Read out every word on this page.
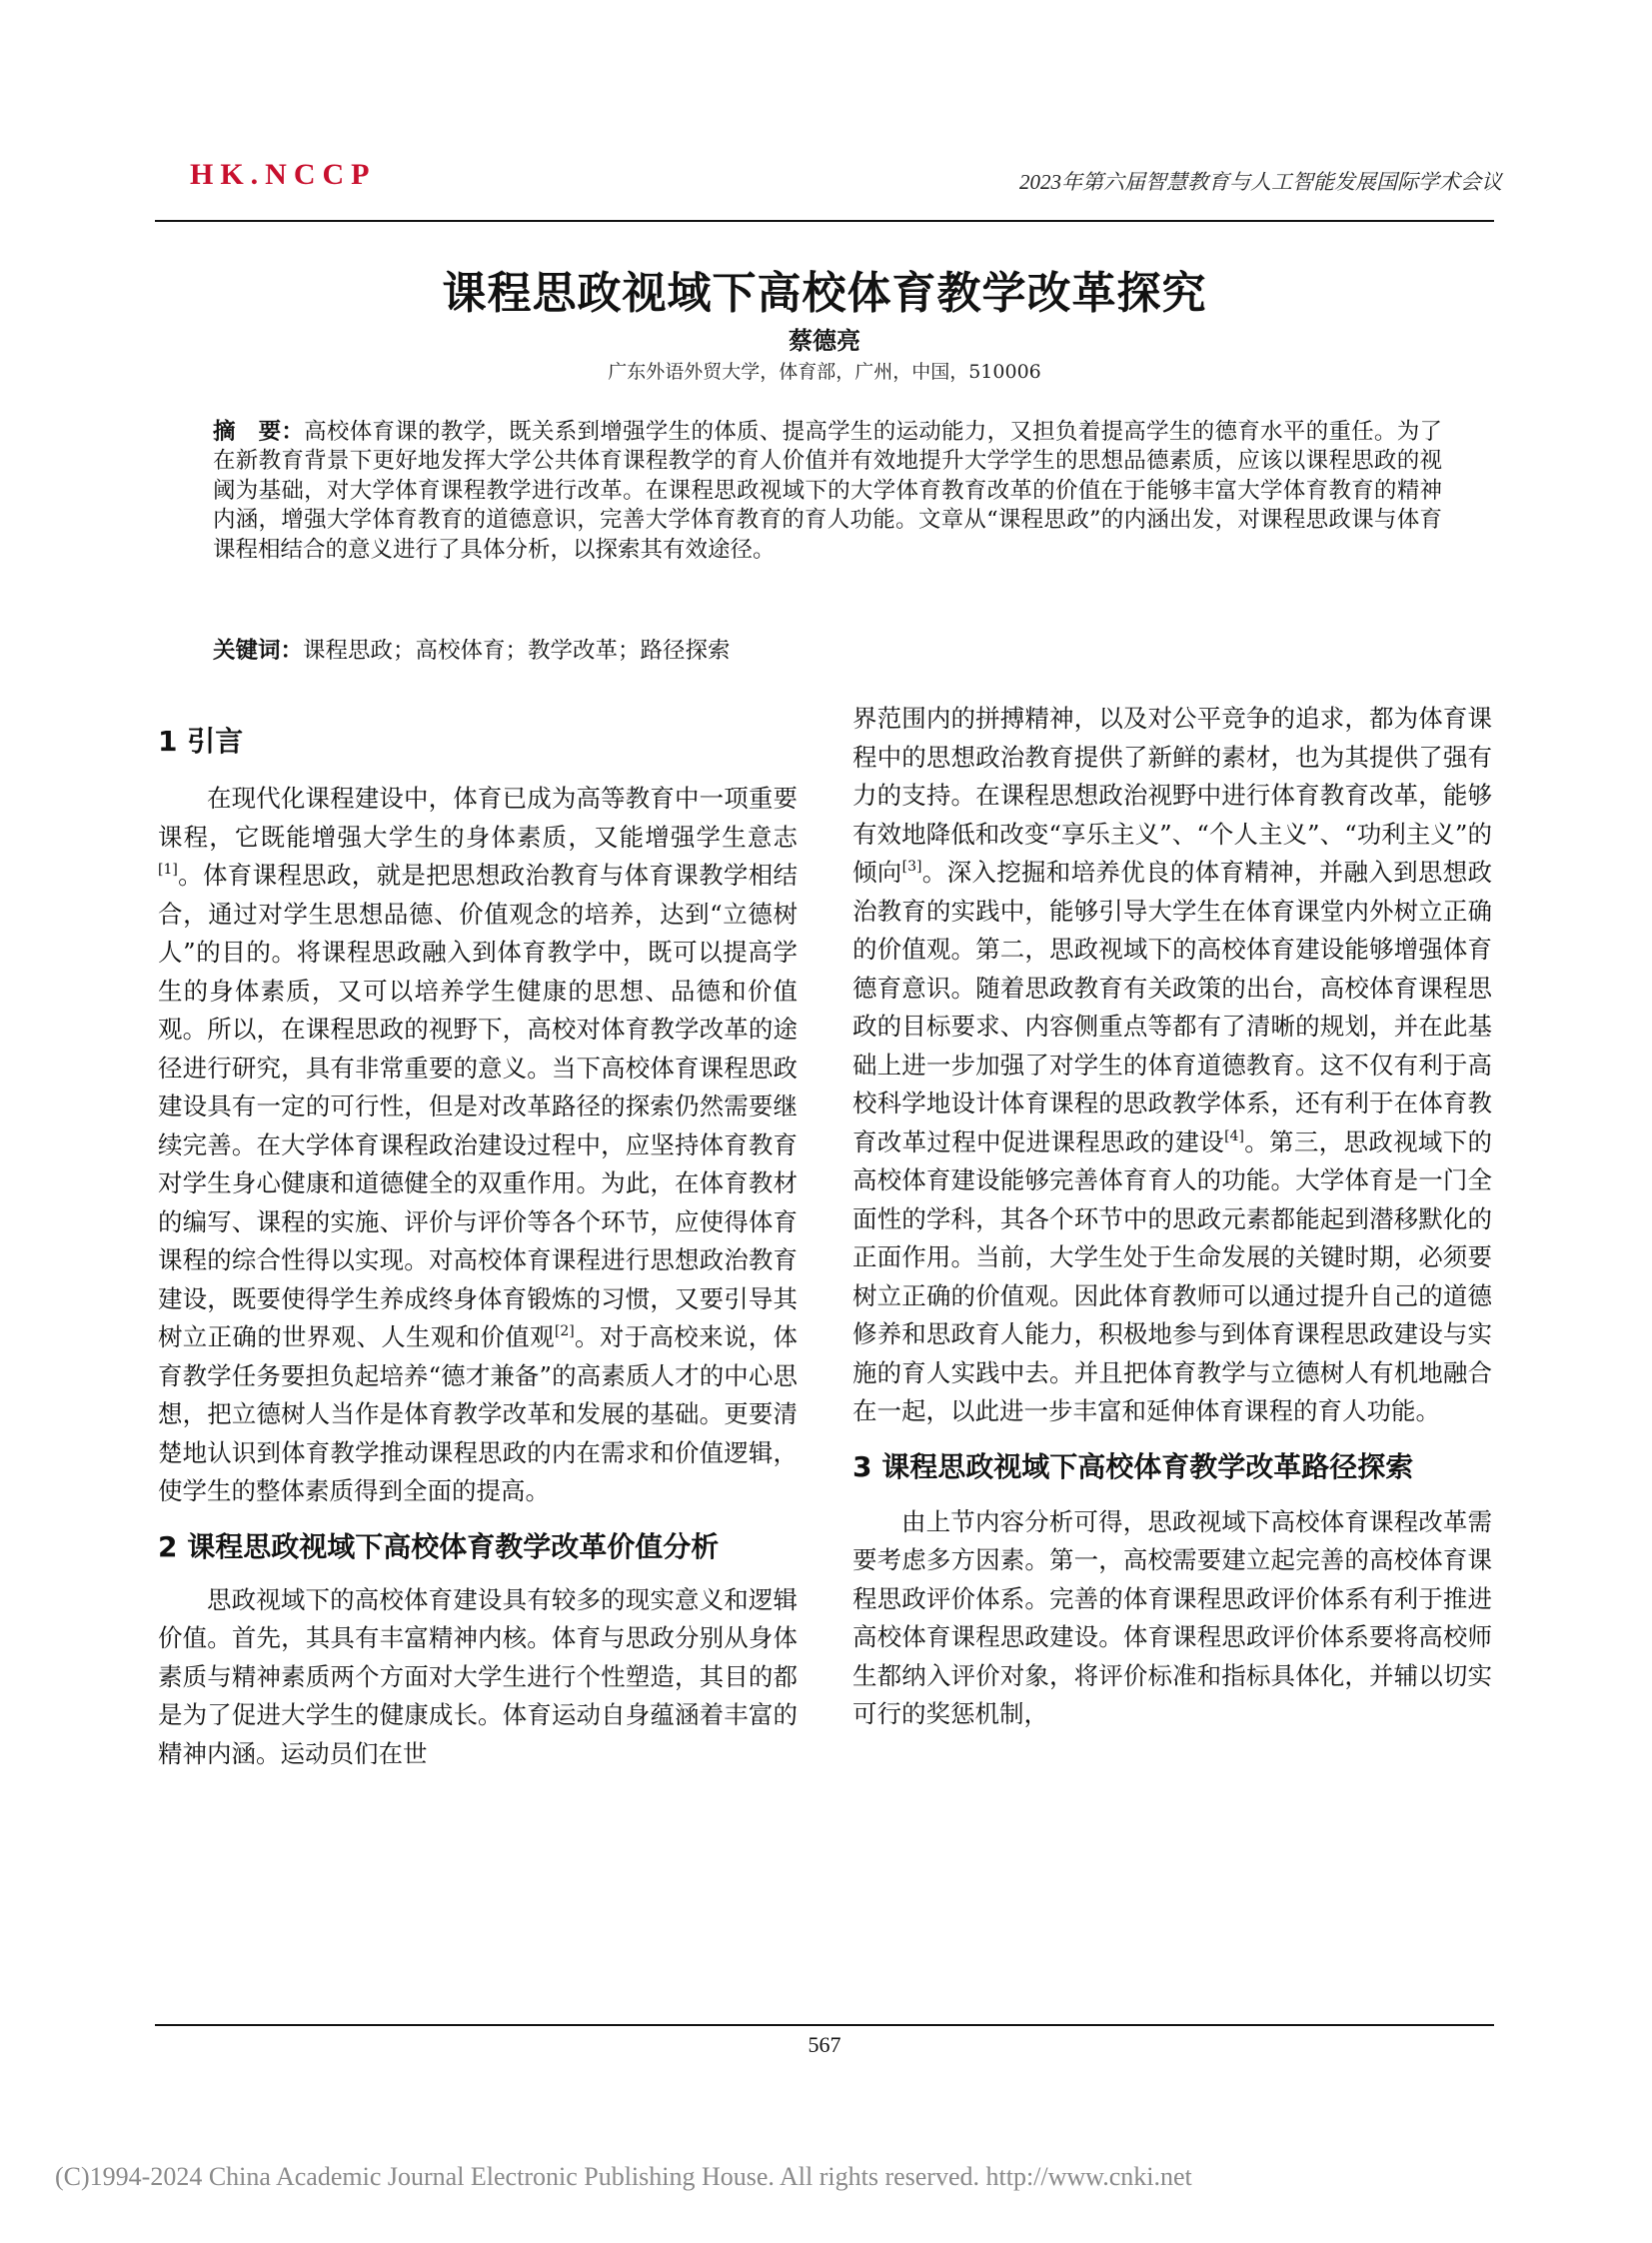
HK.NCCP	2023年第六届智慧教育与人工智能发展国际学术会议
课程思政视域下高校体育教学改革探究
蔡德亮
广东外语外贸大学，体育部，广州，中国，510006

摘　要：高校体育课的教学，既关系到增强学生的体质、提高学生的运动能力，又担负着提高学生的德育水平的重任。为了在新教育背景下更好地发挥大学公共体育课程教学的育人价值并有效地提升大学学生的思想品德素质，应该以课程思政的视阈为基础，对大学体育课程教学进行改革。在课程思政视域下的大学体育教育改革的价值在于能够丰富大学体育教育的精神内涵，增强大学体育教育的道德意识，完善大学体育教育的育人功能。文章从“课程思政”的内涵出发，对课程思政课与体育课程相结合的意义进行了具体分析，以探索其有效途径。

关键词：课程思政；高校体育；教学改革；路径探索

1 引言

在现代化课程建设中，体育已成为高等教育中一项重要课程，它既能增强大学生的身体素质，又能增强学生意志[1]。体育课程思政，就是把思想政治教育与体育课教学相结合，通过对学生思想品德、价值观念的培养，达到“立德树人”的目的。将课程思政融入到体育教学中，既可以提高学生的身体素质，又可以培养学生健康的思想、品德和价值观。所以，在课程思政的视野下，高校对体育教学改革的途径进行研究，具有非常重要的意义。当下高校体育课程思政建设具有一定的可行性，但是对改革路径的探索仍然需要继续完善。在大学体育课程政治建设过程中，应坚持体育教育对学生身心健康和道德健全的双重作用。为此，在体育教材的编写、课程的实施、评价与评价等各个环节，应使得体育课程的综合性得以实现。对高校体育课程进行思想政治教育建设，既要使得学生养成终身体育锻炼的习惯，又要引导其树立正确的世界观、人生观和价值观[2]。对于高校来说，体育教学任务要担负起培养“德才兼备”的高素质人才的中心思想，把立德树人当作是体育教学改革和发展的基础。更要清楚地认识到体育教学推动课程思政的内在需求和价值逻辑，使学生的整体素质得到全面的提高。

2 课程思政视域下高校体育教学改革价值分析

思政视域下的高校体育建设具有较多的现实意义和逻辑价值。首先，其具有丰富精神内核。体育与思政分别从身体素质与精神素质两个方面对大学生进行个性塑造，其目的都是为了促进大学生的健康成长。体育运动自身蕴涵着丰富的精神内涵。运动员们在世

界范围内的拼搏精神，以及对公平竞争的追求，都为体育课程中的思想政治教育提供了新鲜的素材，也为其提供了强有力的支持。在课程思想政治视野中进行体育教育改革，能够有效地降低和改变“享乐主义”、“个人主义”、“功利主义”的倾向[3]。深入挖掘和培养优良的体育精神，并融入到思想政治教育的实践中，能够引导大学生在体育课堂内外树立正确的价值观。第二，思政视域下的高校体育建设能够增强体育德育意识。随着思政教育有关政策的出台，高校体育课程思政的目标要求、内容侧重点等都有了清晰的规划，并在此基础上进一步加强了对学生的体育道德教育。这不仅有利于高校科学地设计体育课程的思政教学体系，还有利于在体育教育改革过程中促进课程思政的建设[4]。第三，思政视域下的高校体育建设能够完善体育育人的功能。大学体育是一门全面性的学科，其各个环节中的思政元素都能起到潜移默化的正面作用。当前，大学生处于生命发展的关键时期，必须要树立正确的价值观。因此体育教师可以通过提升自己的道德修养和思政育人能力，积极地参与到体育课程思政建设与实施的育人实践中去。并且把体育教学与立德树人有机地融合在一起，以此进一步丰富和延伸体育课程的育人功能。

3 课程思政视域下高校体育教学改革路径探索

由上节内容分析可得，思政视域下高校体育课程改革需要考虑多方因素。第一，高校需要建立起完善的高校体育课程思政评价体系。完善的体育课程思政评价体系有利于推进高校体育课程思政建设。体育课程思政评价体系要将高校师生都纳入评价对象，将评价标准和指标具体化，并辅以切实可行的奖惩机制，

567
(C)1994-2024 China Academic Journal Electronic Publishing House. All rights reserved. http://www.cnki.net
